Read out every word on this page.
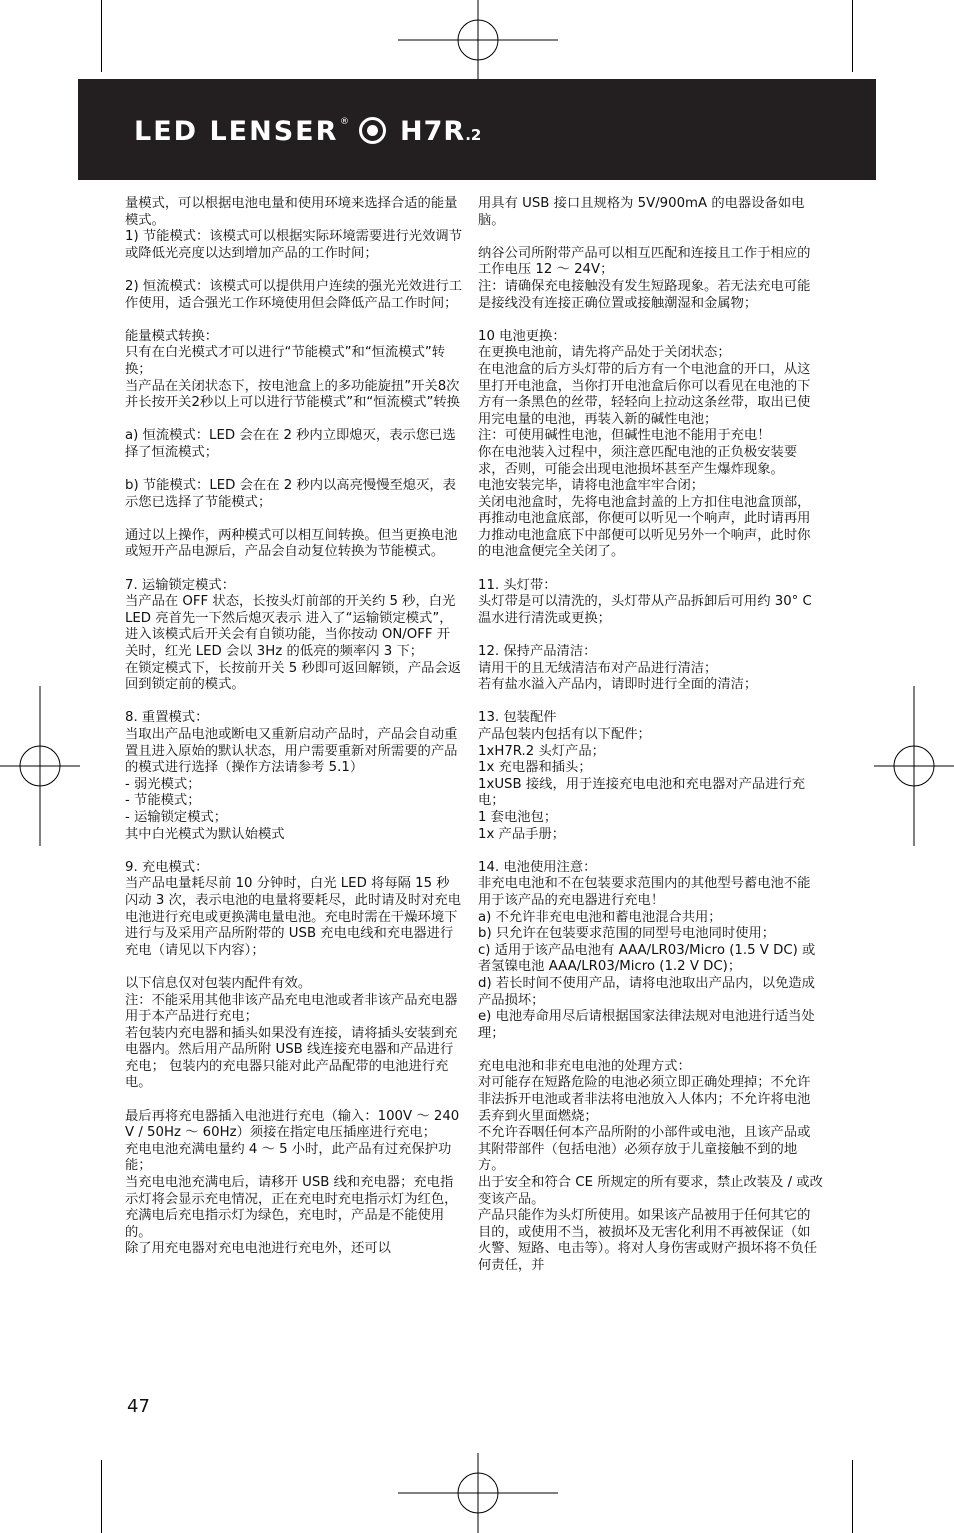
LED LENSER ® H7R.2
量模式，可以根据电池电量和使用环境来选择合适的能量模式。
1) 节能模式：该模式可以根据实际环境需要进行光效调节或降低光亮度以达到增加产品的工作时间；

2) 恒流模式：该模式可以提供用户连续的强光光效进行工作使用，适合强光工作环境使用但会降低产品工作时间；

能量模式转换：
只有在白光模式才可以进行“节能模式”和“恒流模式”转换；
当产品在关闭状态下，按电池盒上的多功能旋扭”开关8次并长按开关2秒以上可以进行节能模式”和“恒流模式”转换

a) 恒流模式：LED 会在在 2 秒内立即熄灭，表示您已选择了恒流模式；

b) 节能模式：LED 会在在 2 秒内以高亮慢慢至熄灭，表示您已选择了节能模式；

通过以上操作，两种模式可以相互间转换。但当更换电池或短开产品电源后，产品会自动复位转换为节能模式。

7. 运输锁定模式：
当产品在 OFF 状态，长按头灯前部的开关约 5 秒，白光 LED 亮首先一下然后熄灭表示 进入了“运输锁定模式”，进入该模式后开关会有自锁功能，当你按动 ON/OFF 开关时，红光 LED 会以 3Hz 的低亮的频率闪 3 下；
在锁定模式下，长按前开关 5 秒即可返回解锁，产品会返回到锁定前的模式。

8. 重置模式：
当取出产品电池或断电又重新启动产品时，产品会自动重置且进入原始的默认状态，用户需要重新对所需要的产品的模式进行选择（操作方法请参考 5.1）
- 弱光模式；
- 节能模式；
- 运输锁定模式；
其中白光模式为默认始模式

9. 充电模式：
当产品电量耗尽前 10 分钟时，白光 LED 将每隔 15 秒闪动 3 次，表示电池的电量将要耗尽，此时请及时对充电电池进行充电或更换满电量电池。充电时需在干燥环境下进行与及采用产品所附带的 USB 充电电线和充电器进行充电（请见以下内容）；

以下信息仅对包装内配件有效。
注：不能采用其他非该产品充电电池或者非该产品充电器用于本产品进行充电；
若包装内充电器和插头如果没有连接，请将插头安装到充电器内。然后用产品所附 USB 线连接充电器和产品进行充电； 包装内的充电器只能对此产品配带的电池进行充电。

最后再将充电器插入电池进行充电（输入：100V ～ 240V / 50Hz ～ 60Hz）须接在指定电压插座进行充电；
充电电池充满电量约 4 ～ 5 小时，此产品有过充保护功能；
当充电电池充满电后，请移开 USB 线和充电器；充电指示灯将会显示充电情况，正在充电时充电指示灯为红色，充满电后充电指示灯为绿色，充电时，产品是不能使用的。
除了用充电器对充电电池进行充电外，还可以
用具有 USB 接口且规格为 5V/900mA 的电器设备如电脑。

纳谷公司所附带产品可以相互匹配和连接且工作于相应的工作电压 12 ～ 24V；
注：请确保充电接触没有发生短路现象。若无法充电可能是接线没有连接正确位置或接触潮湿和金属物；

10 电池更换：
在更换电池前，请先将产品处于关闭状态；
在电池盒的后方头灯带的后方有一个电池盒的开口，从这里打开电池盒，当你打开电池盒后你可以看见在电池的下方有一条黑色的丝带，轻轻向上拉动这条丝带，取出已使用完电量的电池，再装入新的碱性电池；
注：可使用碱性电池，但碱性电池不能用于充电！
你在电池装入过程中，须注意匹配电池的正负极安装要求，否则，可能会出现电池损坏甚至产生爆炸现象。
电池安装完毕，请将电池盒牢牢合闭；
关闭电池盒时，先将电池盒封盖的上方扣住电池盒顶部，再推动电池盒底部，你便可以听见一个响声，此时请再用力推动电池盒底下中部便可以听见另外一个响声，此时你的电池盒便完全关闭了。

11. 头灯带：
头灯带是可以清洗的，头灯带从产品拆卸后可用约 30° C 温水进行清洗或更换；

12. 保持产品清洁：
请用干的且无绒清洁布对产品进行清洁；
若有盐水溢入产品内，请即时进行全面的清洁；

13. 包装配件
产品包装内包括有以下配件；
1xH7R.2 头灯产品；
1x 充电器和插头；
1xUSB 接线，用于连接充电电池和充电器对产品进行充电；
1 套电池包；
1x 产品手册；

14. 电池使用注意：
非充电电池和不在包装要求范围内的其他型号蓄电池不能用于该产品的充电器进行充电！
a) 不允许非充电电池和蓄电池混合共用；
b) 只允许在包装要求范围的同型号电池同时使用；
c) 适用于该产品电池有 AAA/LR03/Micro (1.5 V DC) 或者氢镍电池 AAA/LR03/Micro (1.2 V DC)；
d) 若长时间不使用产品，请将电池取出产品内，以免造成产品损坏；
e) 电池寿命用尽后请根据国家法律法规对电池进行适当处理；

充电电池和非充电电池的处理方式：
对可能存在短路危险的电池必须立即正确处理掉；不允许非法拆开电池或者非法将电池放入人体内；不允许将电池丢弃到火里面燃烧；
不允许吞咽任何本产品所附的小部件或电池，且该产品或其附带部件（包括电池）必须存放于儿童接触不到的地方。
出于安全和符合 CE 所规定的所有要求，禁止改装及 / 或改变该产品。
产品只能作为头灯所使用。如果该产品被用于任何其它的目的，或使用不当，被损坏及无害化利用不再被保证（如火警、短路、电击等）。将对人身伤害或财产损坏将不负任何责任，并
47
